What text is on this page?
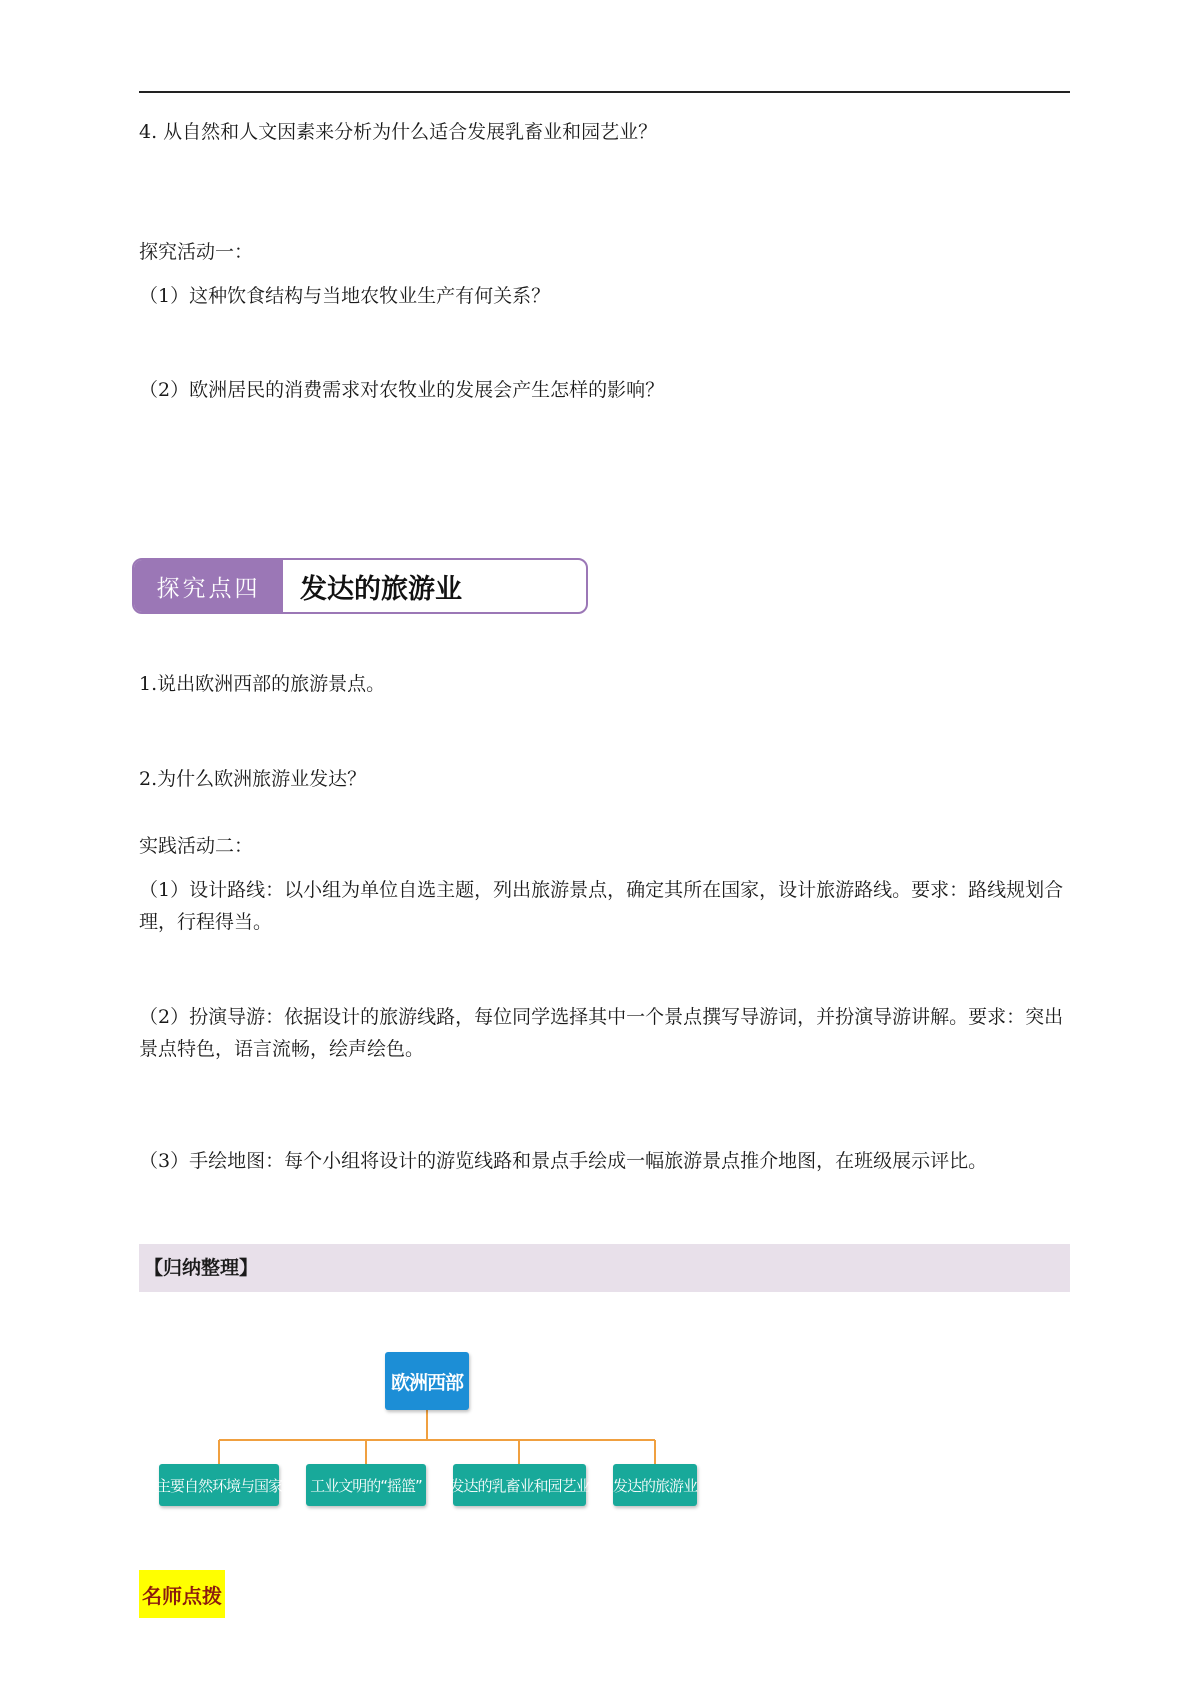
4. 从自然和人文因素来分析为什么适合发展乳畜业和园艺业？
探究活动一：
（1）这种饮食结构与当地农牧业生产有何关系？
（2）欧洲居民的消费需求对农牧业的发展会产生怎样的影响？
探究点四	发达的旅游业
1.说出欧洲西部的旅游景点。
2.为什么欧洲旅游业发达？
实践活动二：
（1）设计路线：以小组为单位自选主题，列出旅游景点，确定其所在国家，设计旅游路线。要求：路线规划合理，行程得当。
（2）扮演导游：依据设计的旅游线路，每位同学选择其中一个景点撰写导游词，并扮演导游讲解。要求：突出景点特色，语言流畅，绘声绘色。
（3）手绘地图：每个小组将设计的游览线路和景点手绘成一幅旅游景点推介地图，在班级展示评比。
【归纳整理】
欧洲西部
主要自然环境与国家 工业文明的“摇篮” 发达的乳畜业和园艺业 发达的旅游业
名师点拨
